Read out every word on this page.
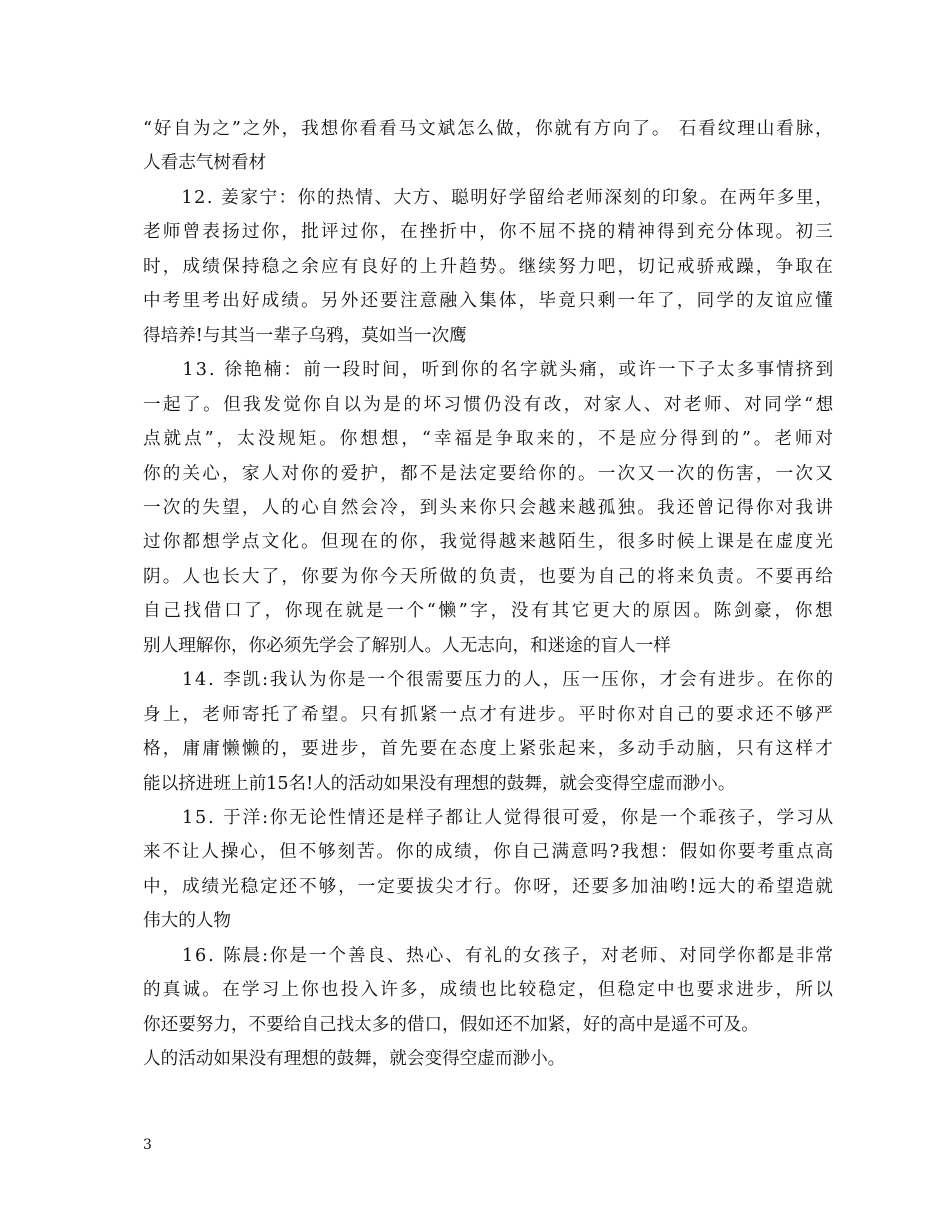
“好自为之”之外，我想你看看马文斌怎么做，你就有方向了。 石看纹理山看脉，
人看志气树看材
　　12. 姜家宁：你的热情、大方、聪明好学留给老师深刻的印象。在两年多里，
老师曾表扬过你，批评过你，在挫折中，你不屈不挠的精神得到充分体现。初三
时，成绩保持稳之余应有良好的上升趋势。继续努力吧，切记戒骄戒躁，争取在
中考里考出好成绩。另外还要注意融入集体，毕竟只剩一年了，同学的友谊应懂
得培养!与其当一辈子乌鸦，莫如当一次鹰
　　13. 徐艳楠：前一段时间，听到你的名字就头痛，或许一下子太多事情挤到
一起了。但我发觉你自以为是的坏习惯仍没有改，对家人、对老师、对同学“想
点就点”，太没规矩。你想想，“幸福是争取来的，不是应分得到的”。老师对
你的关心，家人对你的爱护，都不是法定要给你的。一次又一次的伤害，一次又
一次的失望，人的心自然会冷，到头来你只会越来越孤独。我还曾记得你对我讲
过你都想学点文化。但现在的你，我觉得越来越陌生，很多时候上课是在虚度光
阴。人也长大了，你要为你今天所做的负责，也要为自己的将来负责。不要再给
自己找借口了，你现在就是一个“懒”字，没有其它更大的原因。陈剑豪，你想
别人理解你，你必须先学会了解别人。人无志向，和迷途的盲人一样
　　14. 李凯:我认为你是一个很需要压力的人，压一压你，才会有进步。在你的
身上，老师寄托了希望。只有抓紧一点才有进步。平时你对自己的要求还不够严
格，庸庸懒懒的，要进步，首先要在态度上紧张起来，多动手动脑，只有这样才
能以挤进班上前15名!人的活动如果没有理想的鼓舞，就会变得空虚而渺小。
　　15. 于洋:你无论性情还是样子都让人觉得很可爱，你是一个乖孩子，学习从
来不让人操心，但不够刻苦。你的成绩，你自己满意吗?我想：假如你要考重点高
中，成绩光稳定还不够，一定要拔尖才行。你呀，还要多加油哟!远大的希望造就
伟大的人物
　　16. 陈晨:你是一个善良、热心、有礼的女孩子，对老师、对同学你都是非常
的真诚。在学习上你也投入许多，成绩也比较稳定，但稳定中也要求进步，所以
你还要努力，不要给自己找太多的借口，假如还不加紧，好的高中是遥不可及。
人的活动如果没有理想的鼓舞，就会变得空虚而渺小。
3
